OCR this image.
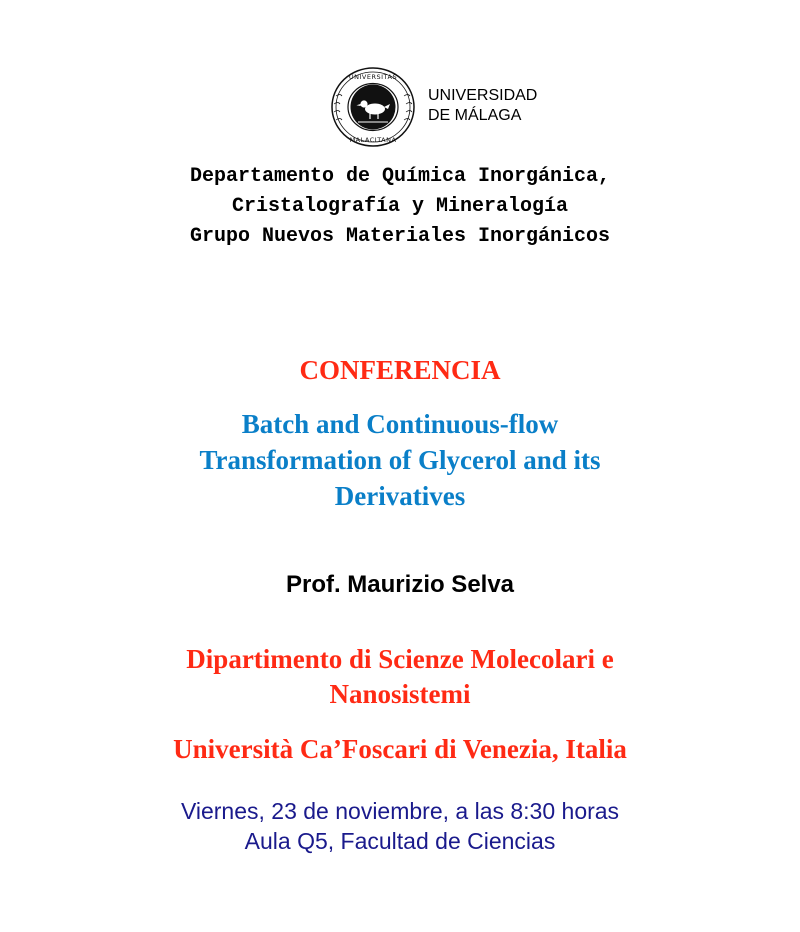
UNIVERSITAS
MALACITANA
UNIVERSIDAD
DE MÁLAGA
Departamento de Química Inorgánica,
Cristalografía y Mineralogía
Grupo Nuevos Materiales Inorgánicos
CONFERENCIA
Batch and Continuous-flow
Transformation of Glycerol and its
Derivatives
Prof. Maurizio Selva
Dipartimento di Scienze Molecolari e
Nanosistemi
Università Ca’Foscari di Venezia, Italia
Viernes, 23 de noviembre, a las 8:30 horas
Aula Q5, Facultad de Ciencias
